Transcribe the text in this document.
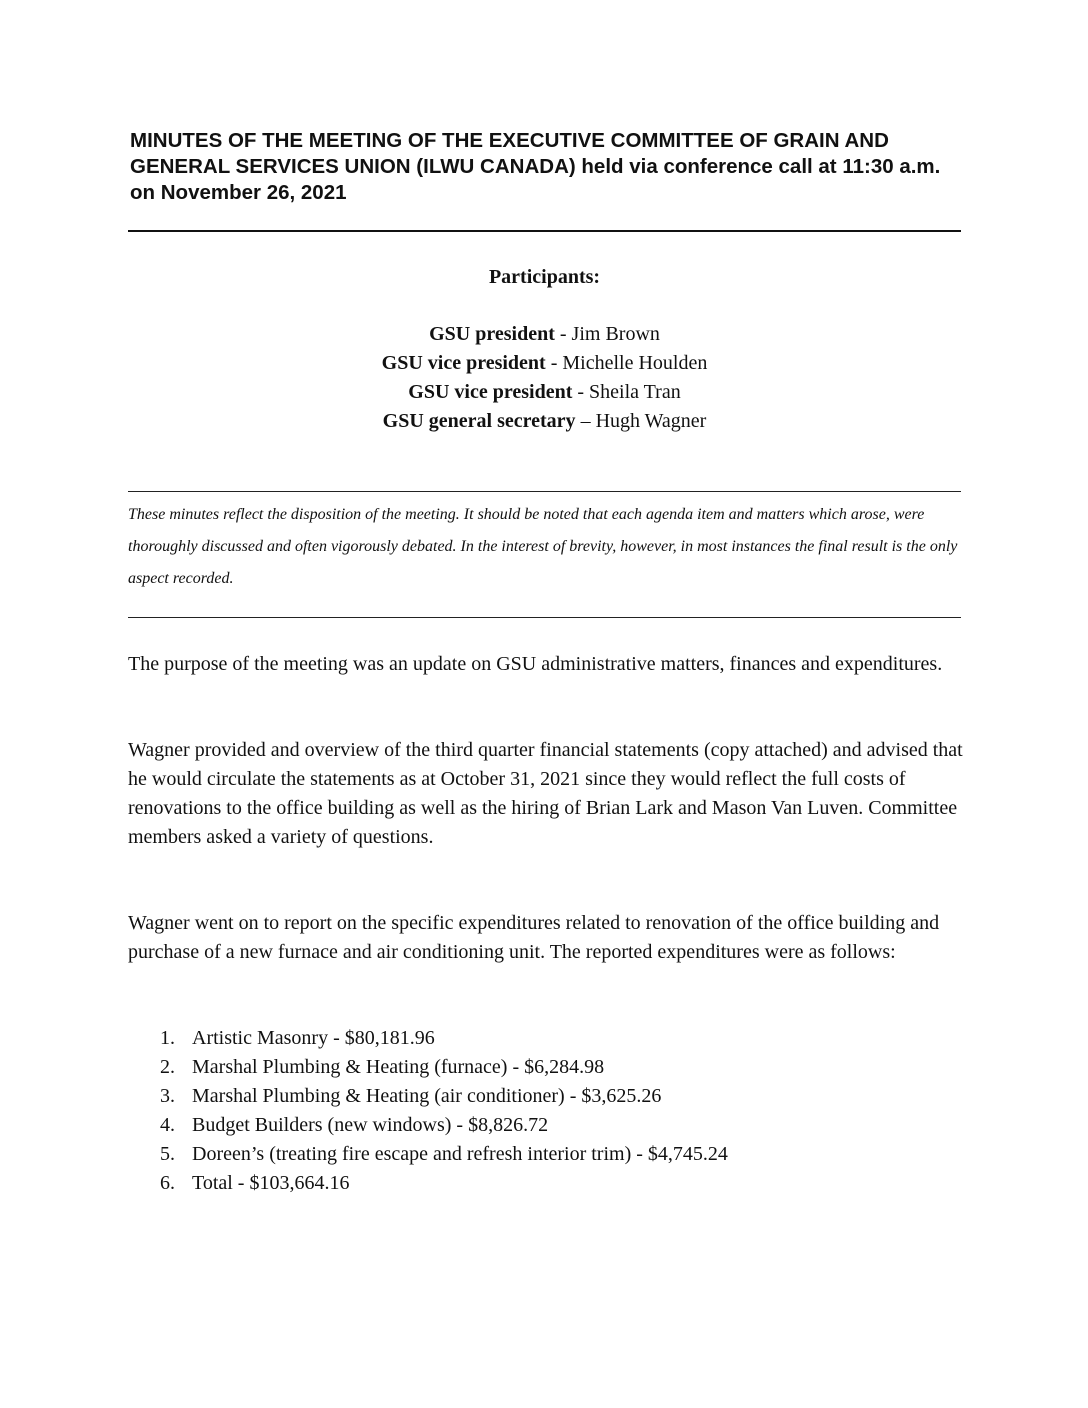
MINUTES OF THE MEETING OF THE EXECUTIVE COMMITTEE OF GRAIN AND GENERAL SERVICES UNION (ILWU CANADA) held via conference call at 11:30 a.m. on November 26, 2021
Participants:
GSU president - Jim Brown
GSU vice president - Michelle Houlden
GSU vice president - Sheila Tran
GSU general secretary – Hugh Wagner

These minutes reflect the disposition of the meeting. It should be noted that each agenda item and matters which arose, were thoroughly discussed and often vigorously debated. In the interest of brevity, however, in most instances the final result is the only aspect recorded.

The purpose of the meeting was an update on GSU administrative matters, finances and expenditures.

Wagner provided and overview of the third quarter financial statements (copy attached) and advised that he would circulate the statements as at October 31, 2021 since they would reflect the full costs of renovations to the office building as well as the hiring of Brian Lark and Mason Van Luven. Committee members asked a variety of questions.

Wagner went on to report on the specific expenditures related to renovation of the office building and purchase of a new furnace and air conditioning unit. The reported expenditures were as follows:

1. Artistic Masonry - $80,181.96
2. Marshal Plumbing & Heating (furnace) - $6,284.98
3. Marshal Plumbing & Heating (air conditioner) - $3,625.26
4. Budget Builders (new windows) - $8,826.72
5. Doreen’s (treating fire escape and refresh interior trim) - $4,745.24
6. Total - $103,664.16
